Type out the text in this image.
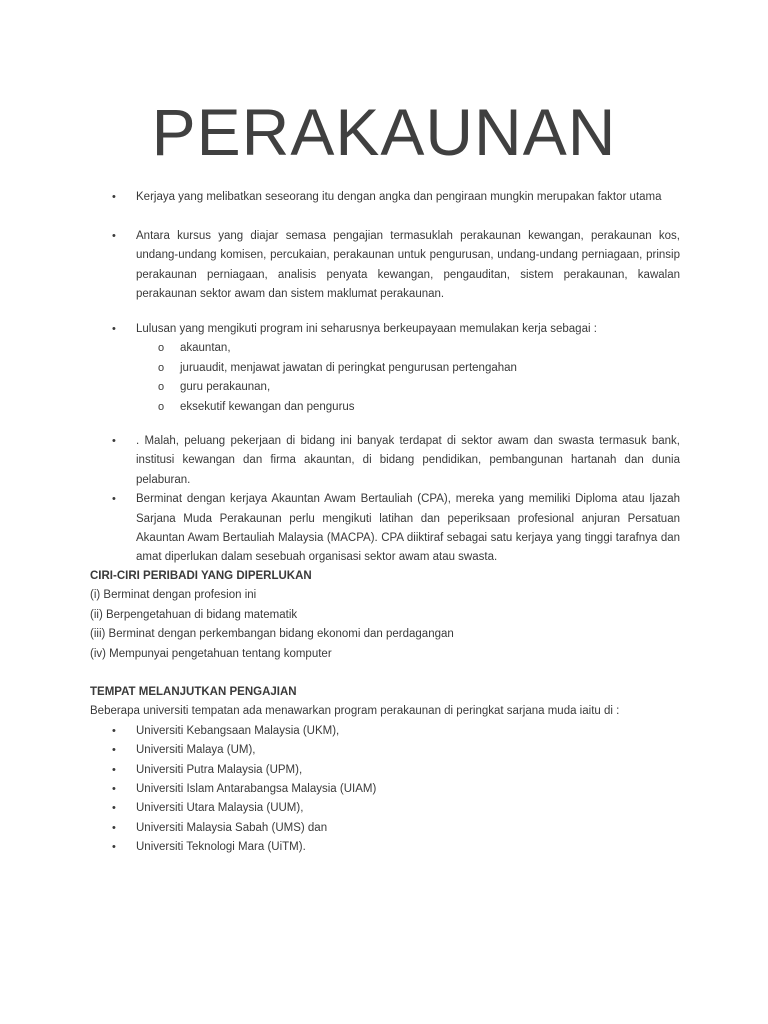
PERAKAUNAN
• Kerjaya yang melibatkan seseorang itu dengan angka dan pengiraan mungkin merupakan faktor utama
• Antara kursus yang diajar semasa pengajian termasuklah perakaunan kewangan, perakaunan kos, undang-undang komisen, percukaian, perakaunan untuk pengurusan, undang-undang perniagaan, prinsip perakaunan perniagaan, analisis penyata kewangan, pengauditan, sistem perakaunan, kawalan perakaunan sektor awam dan sistem maklumat perakaunan.
• Lulusan yang mengikuti program ini seharusnya berkeupayaan memulakan kerja sebagai :
o akauntan,
o juruaudit, menjawat jawatan di peringkat pengurusan pertengahan
o guru perakaunan,
o eksekutif kewangan dan pengurus
• . Malah, peluang pekerjaan di bidang ini banyak terdapat di sektor awam dan swasta termasuk bank, institusi kewangan dan firma akauntan, di bidang pendidikan, pembangunan hartanah dan dunia pelaburan.
• Berminat dengan kerjaya Akauntan Awam Bertauliah (CPA), mereka yang memiliki Diploma atau Ijazah Sarjana Muda Perakaunan perlu mengikuti latihan dan peperiksaan profesional anjuran Persatuan Akauntan Awam Bertauliah Malaysia (MACPA). CPA diiktiraf sebagai satu kerjaya yang tinggi tarafnya dan amat diperlukan dalam sesebuah organisasi sektor awam atau swasta.
CIRI-CIRI PERIBADI YANG DIPERLUKAN
(i) Berminat dengan profesion ini
(ii) Berpengetahuan di bidang matematik
(iii) Berminat dengan perkembangan bidang ekonomi dan perdagangan
(iv) Mempunyai pengetahuan tentang komputer
TEMPAT MELANJUTKAN PENGAJIAN
Beberapa universiti tempatan ada menawarkan program perakaunan di peringkat sarjana muda iaitu di :
• Universiti Kebangsaan Malaysia (UKM),
• Universiti Malaya (UM),
• Universiti Putra Malaysia (UPM),
• Universiti Islam Antarabangsa Malaysia (UIAM)
• Universiti Utara Malaysia (UUM),
• Universiti Malaysia Sabah (UMS) dan
• Universiti Teknologi Mara (UiTM).
